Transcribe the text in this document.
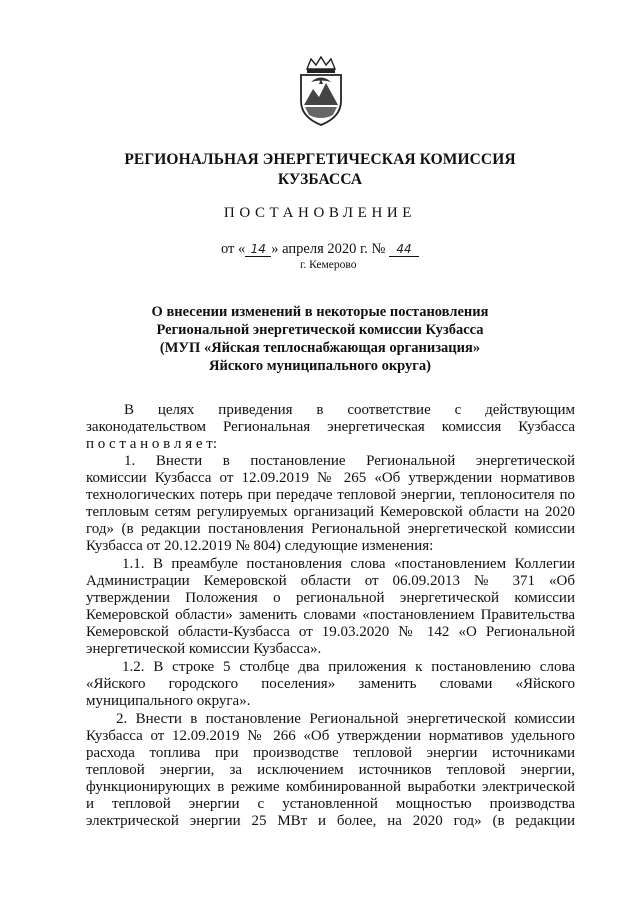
РЕГИОНАЛЬНАЯ ЭНЕРГЕТИЧЕСКАЯ КОМИССИЯ
КУЗБАССА
ПОСТАНОВЛЕНИЕ
от « 14 » апреля 2020 г. № 44
г. Кемерово
О внесении изменений в некоторые постановления
Региональной энергетической комиссии Кузбасса
(МУП «Яйская теплоснабжающая организация»
Яйского муниципального округа)
В целях приведения в соответствие с действующим
законодательством Региональная энергетическая комиссия Кузбасса
п о с т а н о в л я е т:
1. Внести в постановление Региональной энергетической
комиссии Кузбасса от 12.09.2019 № 265 «Об утверждении нормативов
технологических потерь при передаче тепловой энергии, теплоносителя по
тепловым сетям регулируемых организаций Кемеровской области на 2020
год» (в редакции постановления Региональной энергетической комиссии
Кузбасса от 20.12.2019 № 804) следующие изменения:
1.1. В преамбуле постановления слова «постановлением Коллегии
Администрации Кемеровской области от 06.09.2013 № 371 «Об
утверждении Положения о региональной энергетической комиссии
Кемеровской области» заменить словами «постановлением Правительства
Кемеровской области-Кузбасса от 19.03.2020 № 142 «О Региональной
энергетической комиссии Кузбасса».
1.2. В строке 5 столбце два приложения к постановлению слова
«Яйского городского поселения» заменить словами «Яйского
муниципального округа».
2. Внести в постановление Региональной энергетической комиссии
Кузбасса от 12.09.2019 № 266 «Об утверждении нормативов удельного
расхода топлива при производстве тепловой энергии источниками
тепловой энергии, за исключением источников тепловой энергии,
функционирующих в режиме комбинированной выработки электрической
и тепловой энергии с установленной мощностью производства
электрической энергии 25 МВт и более, на 2020 год» (в редакции
